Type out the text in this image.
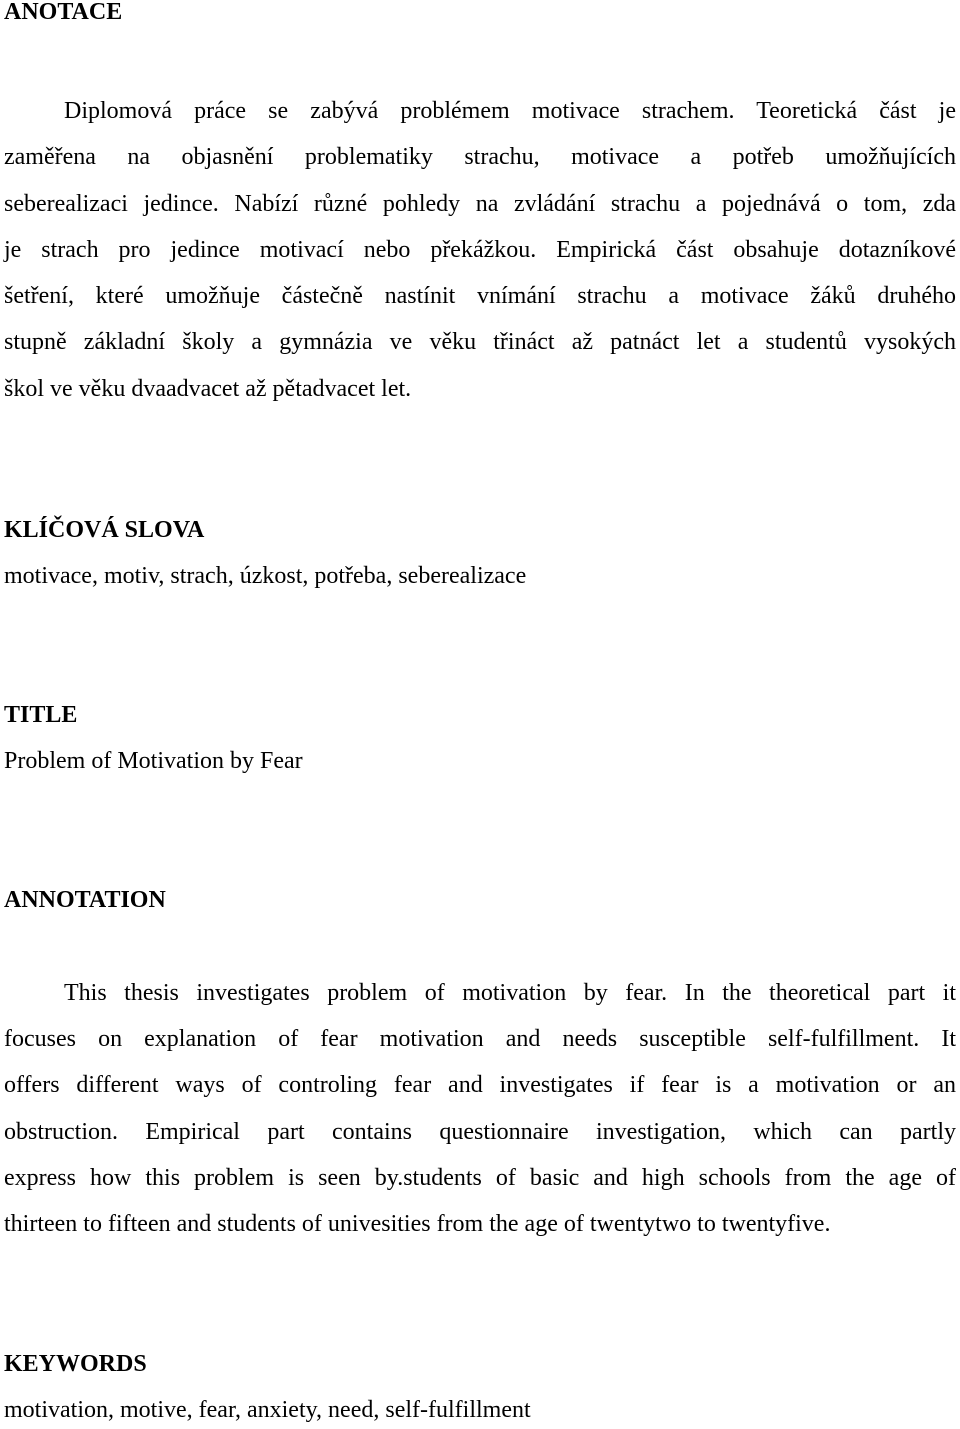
ANOTACE
Diplomová práce se zabývá problémem motivace strachem. Teoretická část je
zaměřena na objasnění problematiky strachu, motivace a potřeb umožňujících
seberealizaci jedince. Nabízí různé pohledy na zvládání strachu a pojednává o tom, zda
je strach pro jedince motivací nebo překážkou. Empirická část obsahuje dotazníkové
šetření, které umožňuje částečně nastínit vnímání strachu a motivace žáků druhého
stupně základní školy a gymnázia ve věku třináct až patnáct let a studentů vysokých
škol ve věku dvaadvacet až pětadvacet let.
KLÍČOVÁ SLOVA

motivace, motiv, strach, úzkost, potřeba, seberealizace

TITLE

Problem of Motivation by Fear

ANNOTATION
This thesis investigates problem of motivation by fear. In the theoretical part it
focuses on explanation of fear motivation and needs susceptible self-fulfillment. It
offers different ways of controling fear and investigates if fear is a motivation or an
obstruction. Empirical part contains questionnaire investigation, which can partly
express how this problem is seen by.students of basic and high schools from the age of
thirteen to fifteen and students of univesities from the age of twentytwo to twentyfive.
KEYWORDS

motivation, motive, fear, anxiety, need, self-fulfillment
